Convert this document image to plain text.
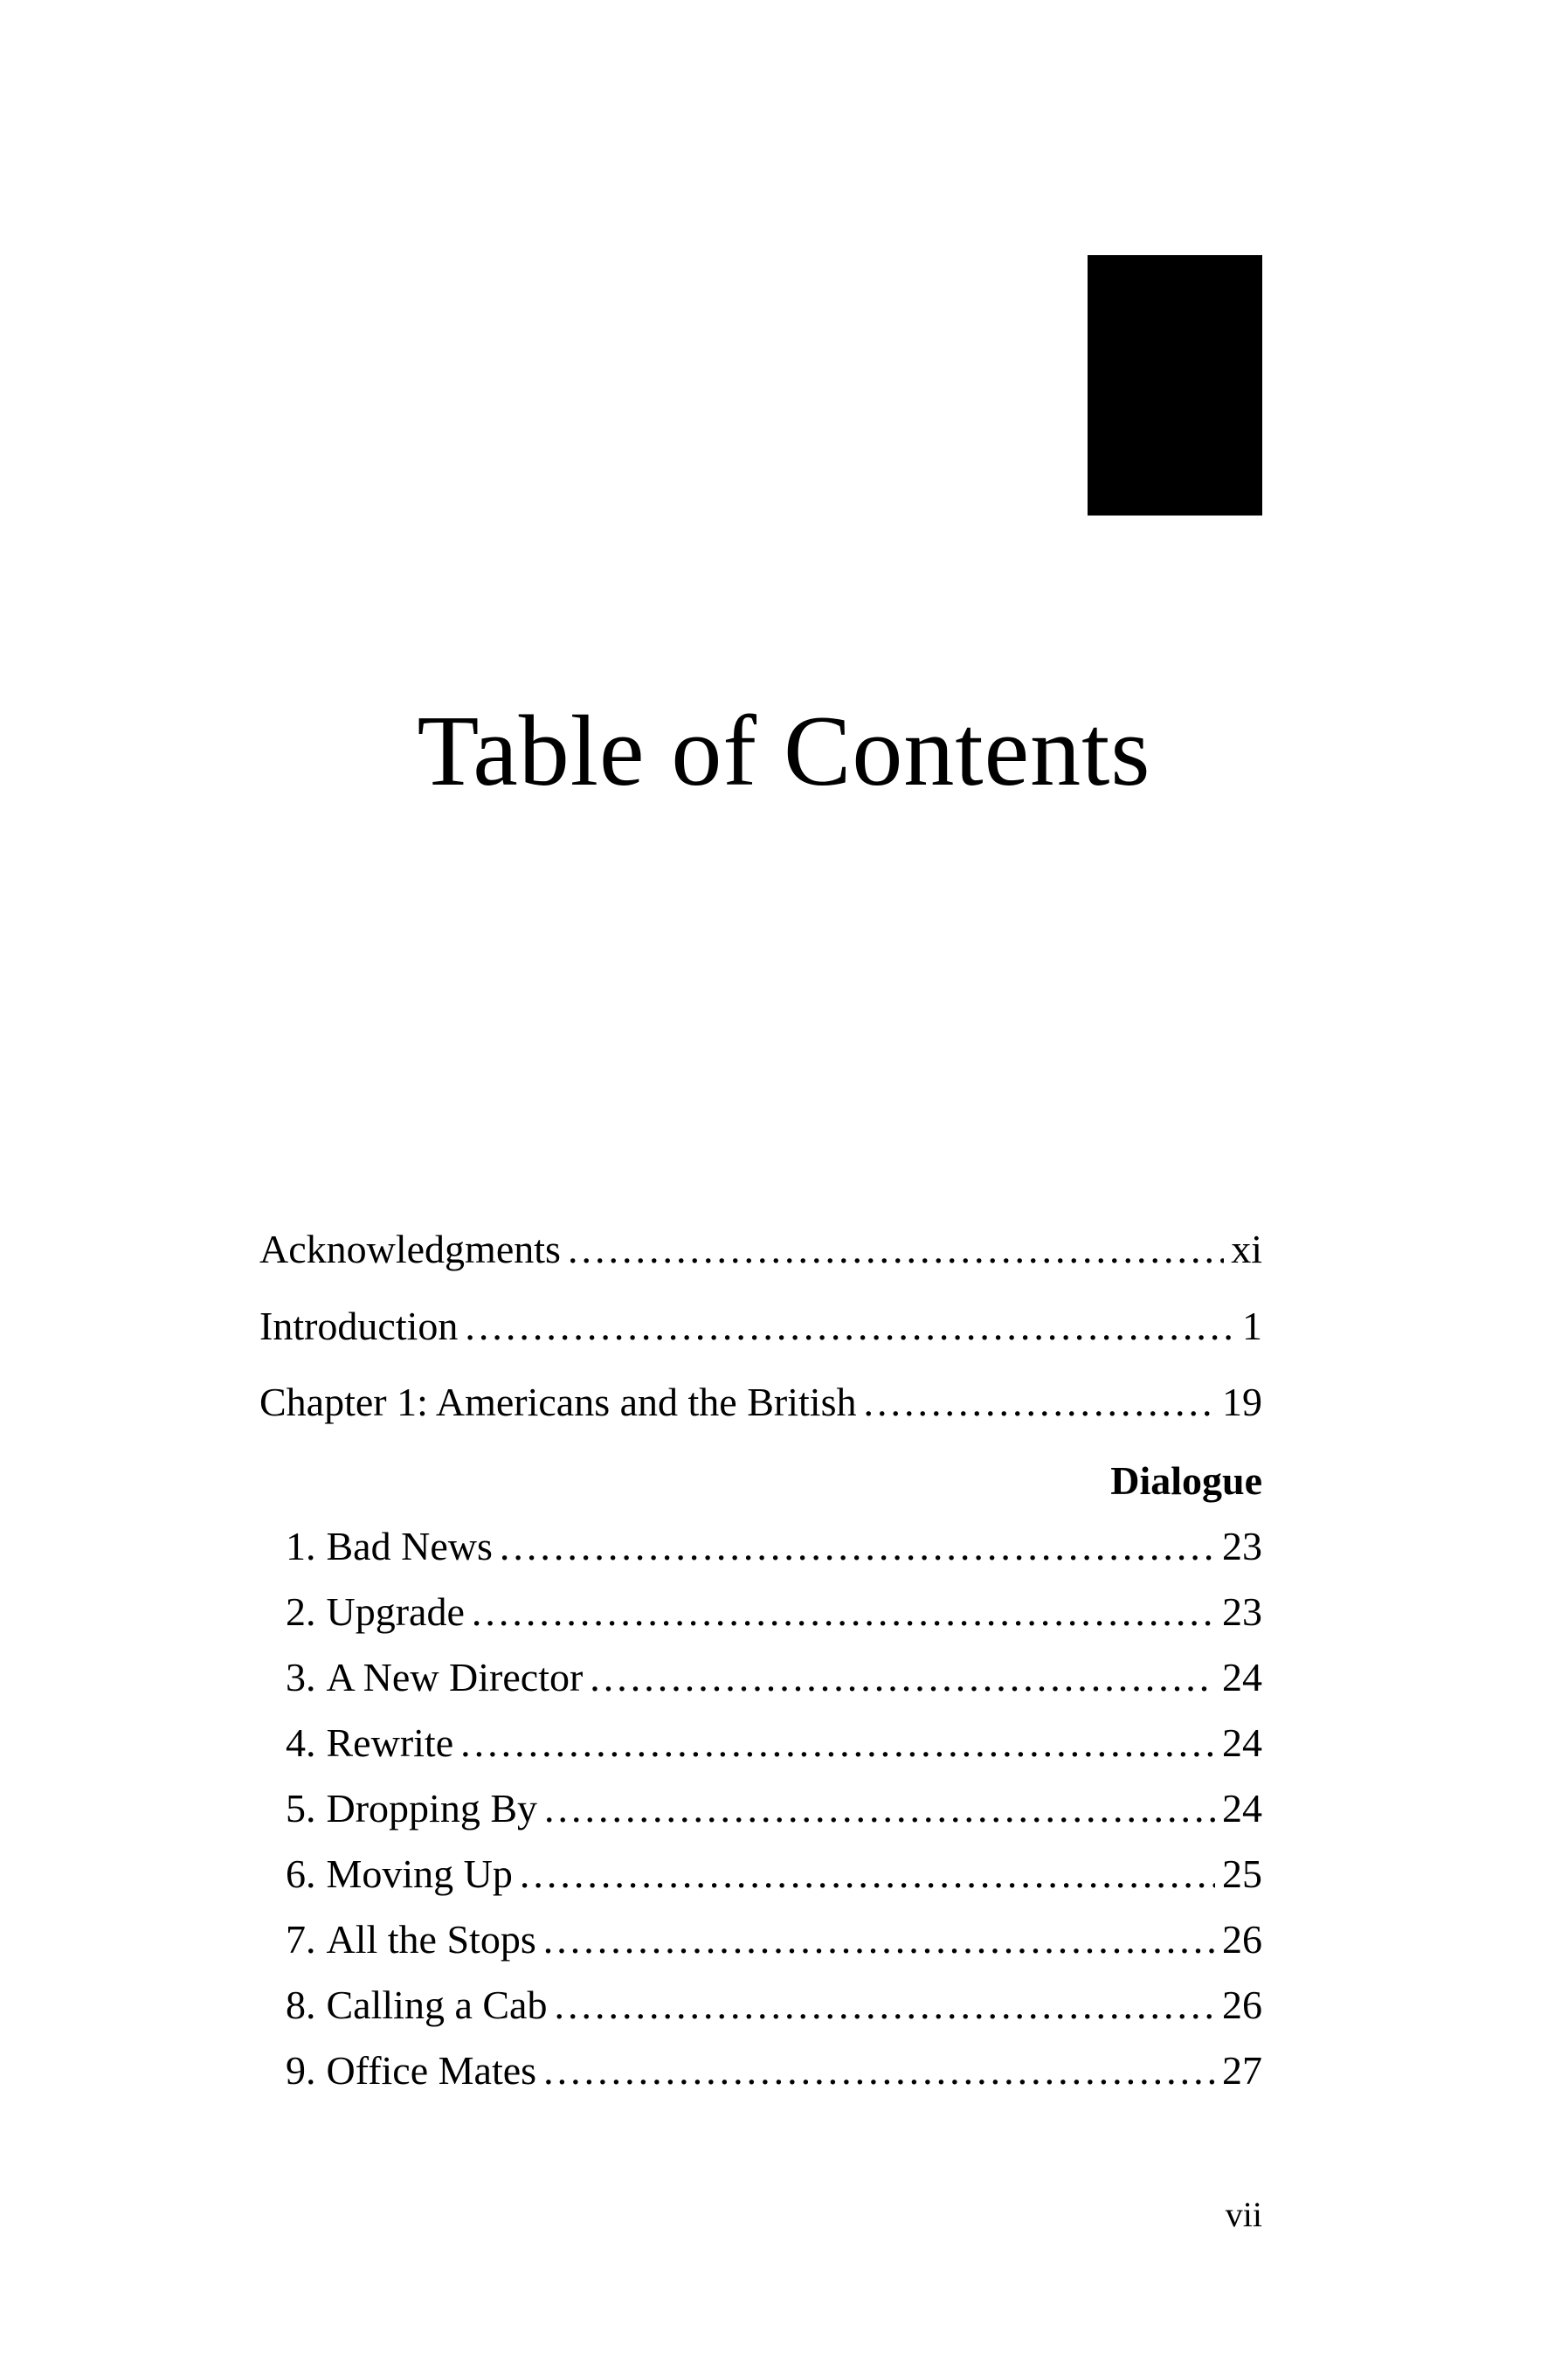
Table of Contents
Acknowledgments .....	xi
Introduction .....	1
Chapter 1: Americans and the British .....	19
Dialogue
1. Bad News .....	23
2. Upgrade .....	23
3. A New Director .....	24
4. Rewrite .....	24
5. Dropping By .....	24
6. Moving Up .....	25
7. All the Stops .....	26
8. Calling a Cab .....	26
9. Office Mates .....	27
vii
